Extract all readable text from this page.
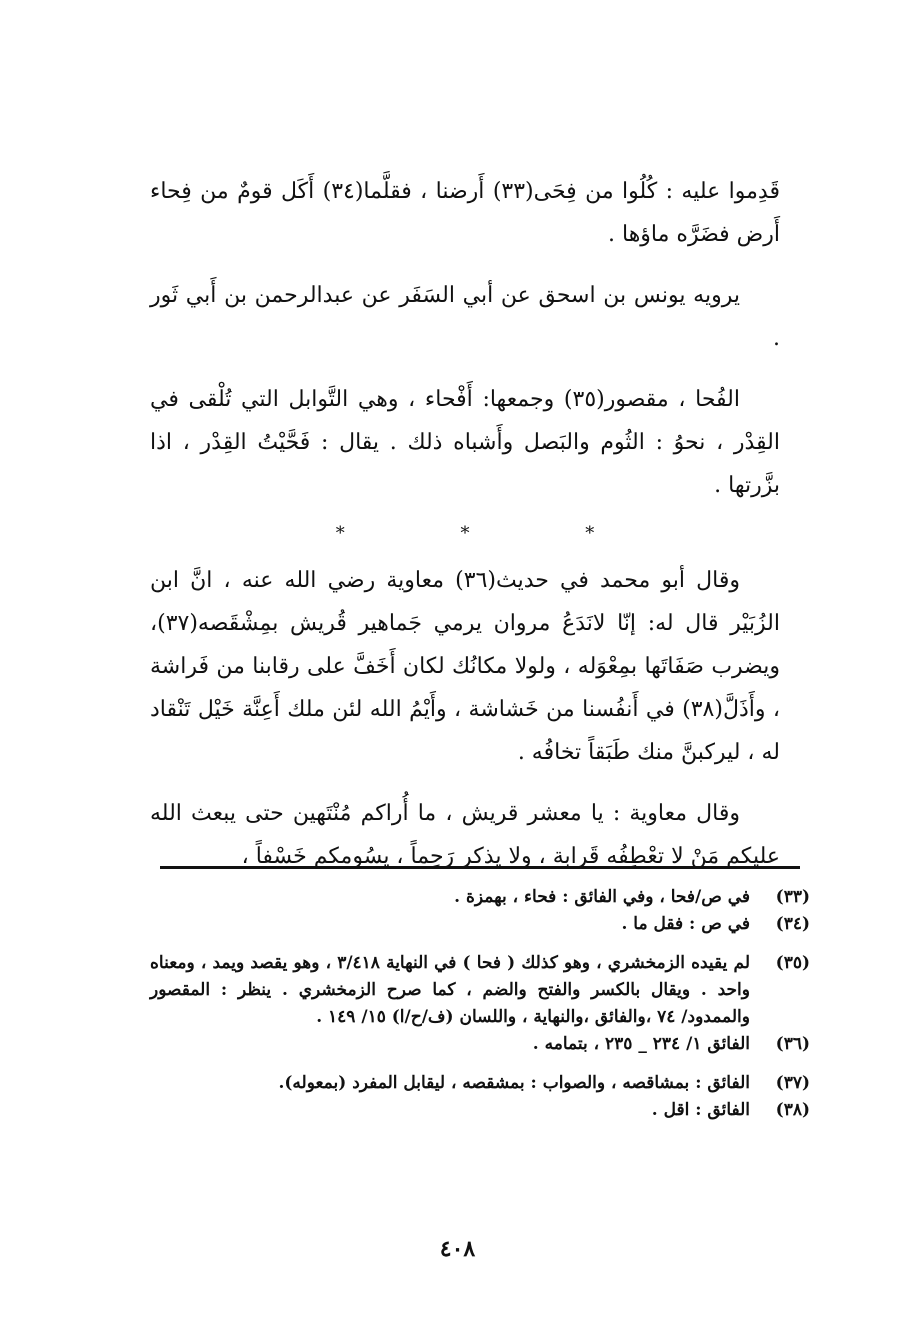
قَدِموا عليه : كُلُوا من فِحَى(٣٣) أَرضنا ، فقلَّما(٣٤) أَكَل قومٌ من فِحاء أَرض فضَرَّه ماؤها .

يرويه يونس بن اسحق عن أبي السَفَر عن عبدالرحمن بن أَبي ثَور .

الفُحا ، مقصور(٣٥) وجمعها: أَفْحاء ، وهي التَّوابل التي تُلْقى في القِدْر ، نحوُ : الثُوم والبَصل وأَشباه ذلك . يقال : فَحَّيْتُ القِدْر ، اذا بزَّرتها .

* * *

وقال أبو محمد في حديث(٣٦) معاوية رضي الله عنه ، انَّ ابن الزُبَيْر قال له: إنّا لانَدَعُ مروان يرمي جَماهير قُريش بمِشْقَصه(٣٧)، ويضرب صَفَاتَها بمِعْوَله ، ولولا مكانُك لكان أَخَفَّ على رقابنا من فَراشة ، وأَذَلَّ(٣٨) في أَنفُسنا من خَشاشة ، وأَيْمُ الله لئن ملك أَعِنَّة خَيْل تَنْقاد له ، ليركبنَّ منك طَبَقاً تخافُه .

وقال معاوية : يا معشر قريش ، ما أُراكم مُنْتَهين حتى يبعث الله عليكم مَنْ لا تعْطِفُه قَرابة ، ولا يذكر رَحِماً ، يسُومكم خَسْفاً ،

(٣٣)
في ص/فحا ، وفي الفائق : فحاء ، بهمزة .
(٣٤)
في ص : فقل ما .
(٣٥)
لم يقيده الزمخشري ، وهو كذلك ( فحا ) في النهاية ٣/٤١٨ ، وهو يقصد ويمد ، ومعناه واحد . ويقال بالكسر والفتح والضم ، كما صرح الزمخشري . ينظر : المقصور والممدود/ ٧٤ ،والفائق ،والنهاية ، واللسان (ف/ح/ا) ١٥/ ١٤٩ .
(٣٦)
الفائق ١/ ٢٣٤ _ ٢٣٥ ، بتمامه .
(٣٧)
الفائق : بمشاقصه ، والصواب : بمشقصه ، ليقابل المفرد (بمعوله).
(٣٨)
الفائق : اقل .
٤٠٨
